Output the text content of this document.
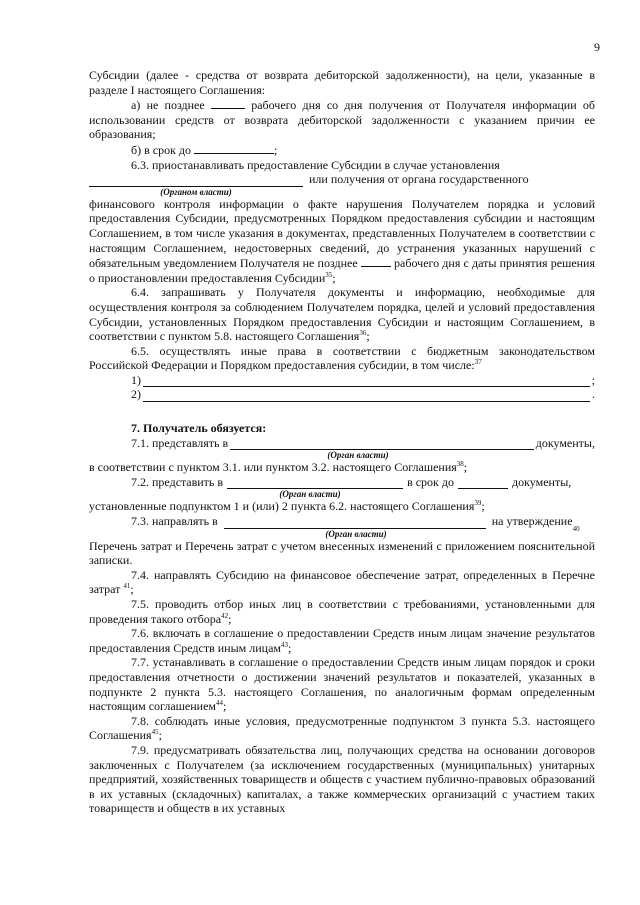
9

Субсидии (далее - средства от возврата дебиторской задолженности), на цели, указанные в разделе I настоящего Соглашения:

а) не позднее	рабочего дня со дня получения от Получателя информации об использовании средств от возврата дебиторской задолженности с указанием причин ее образования;

б) в срок до	;

6.3. приостанавливать предоставление Субсидии в случае установления

или получения от органа государственного
(Органом власти)

финансового контроля информации о факте нарушения Получателем порядка и условий предоставления Субсидии, предусмотренных Порядком предоставления субсидии и настоящим Соглашением, в том числе указания в документах, представленных Получателем в соответствии с настоящим Соглашением, недостоверных сведений, до устранения указанных нарушений с обязательным уведомлением Получателя не позднее	рабочего дня с даты принятия решения о приостановлении предоставления Субсидии$^{35}$;

6.4. запрашивать у Получателя документы и информацию, необходимые для осуществления контроля за соблюдением Получателем порядка, целей и условий предоставления Субсидии, установленных Порядком предоставления Субсидии и настоящим Соглашением, в соответствии с пунктом 5.8. настоящего Соглашения$^{36}$;

6.5. осуществлять иные права в соответствии с бюджетным законодательством Российской Федерации и Порядком предоставления субсидии, в том числе:$^{37}$

1)	;
2)	.

7. Получатель обязуется:

7.1. представлять в	документы,
(Орган власти)

в соответствии с пунктом 3.1. или пунктом 3.2. настоящего Соглашения$^{38}$;

7.2. предстaвить в	в срок до	документы,
(Орган власти)

установленные подпунктом 1 и (или) 2 пункта 6.2. настоящего Соглашения$^{39}$;

7.3. направлять в	на утверждение
40
(Орган власти)

Перечень затрат и Перечень затрат с учетом внесенных изменений с приложением пояснительной записки.

7.4. направлять Субсидию на финансовое обеспечение затрат, определенных в Перечне затрат $^{41}$;

7.5. проводить отбор иных лиц в соответствии с требованиями, установленными для проведения такого отбора$^{42}$;

7.6. включать в соглашение о предоставлении Средств иным лицам значение результатов предоставления Средств иным лицам$^{43}$;

7.7. устанавливать в соглашение о предоставлении Средств иным лицам порядок и сроки предоставления отчетности о достижении значений результатов и показателей, указанных в подпункте 2 пункта 5.3. настоящего Соглашения, по аналогичным формам определенным настоящим соглашением$^{44}$;

7.8. соблюдать иные условия, предусмотренные подпунктом 3 пункта 5.3. настоящего Соглашения$^{45}$;

7.9. предусматривать обязательства лиц, получающих средства на основании договоров заключенных с Получателем (за исключением государственных (муниципальных) унитарных предприятий, хозяйственных товариществ и обществ с участием публично-правовых образований в их уставных (складочных) капиталах, а также коммерческих организаций с участием таких товариществ и обществ в их уставных
